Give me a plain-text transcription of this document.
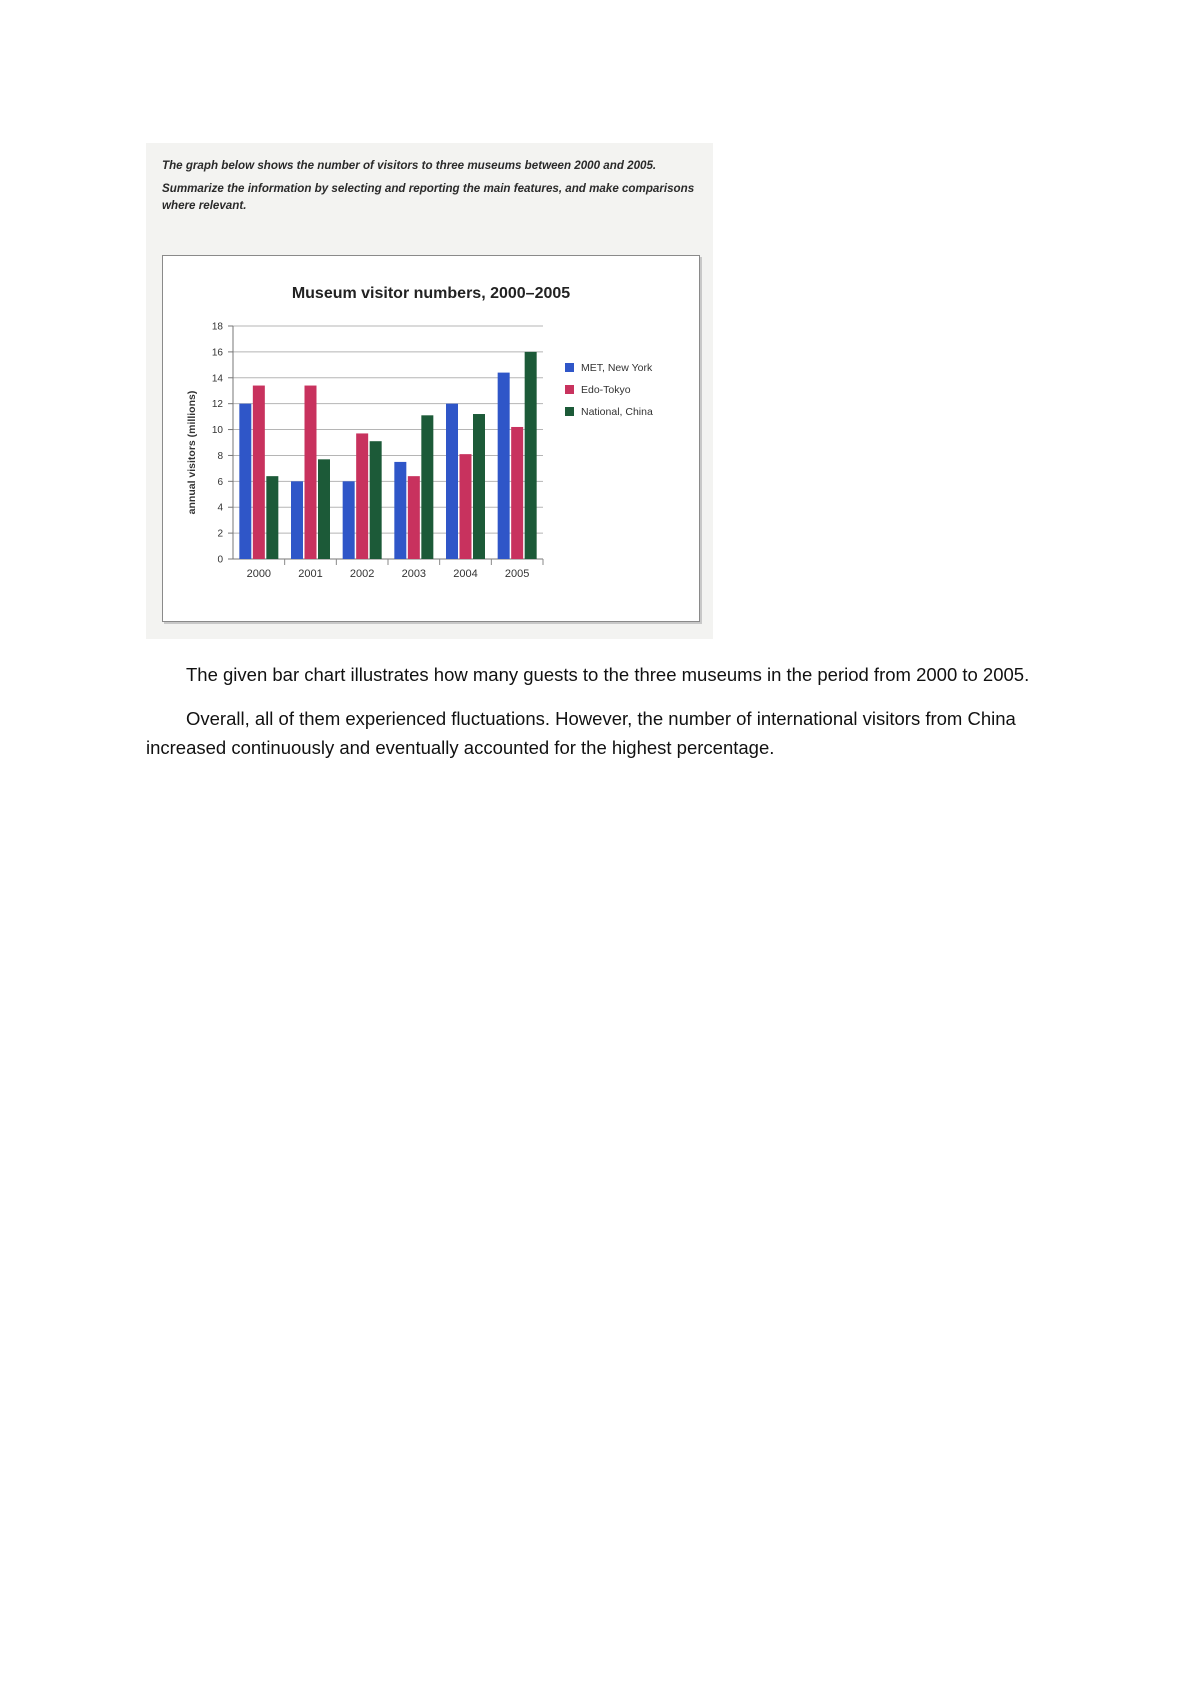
The graph below shows the number of visitors to three museums between 2000 and 2005.

Summarize the information by selecting and reporting the main features, and make comparisons where relevant.

Museum visitor numbers, 2000–2005
0
2
4
6
8
10
12
14
16
18
annual visitors (millions)
2000 2001 2002 2003 2004 2005
MET, New York
Edo-Tokyo
National, China

The given bar chart illustrates how many guests to the three museums in the period from 2000 to 2005.

Overall, all of them experienced fluctuations. However, the number of international visitors from China increased continuously and eventually accounted for the highest percentage.
